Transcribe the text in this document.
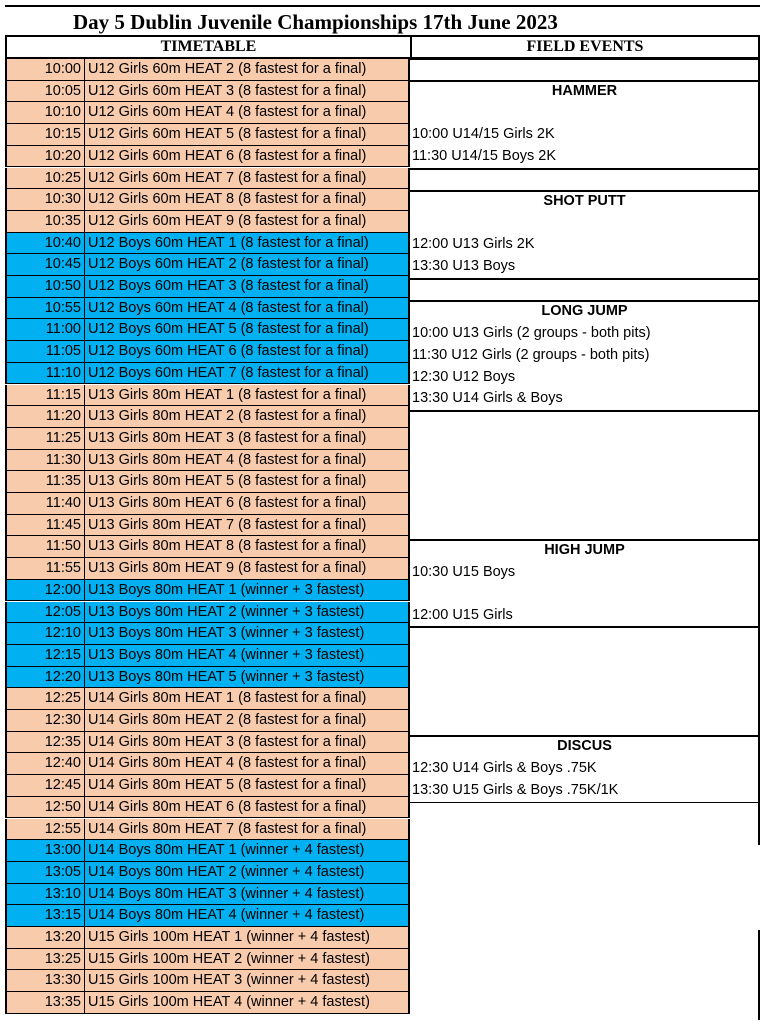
Day 5 Dublin Juvenile Championships 17th June 2023
TIMETABLE	FIELD EVENTS
10:00 U12 Girls 60m HEAT 2 (8 fastest for a final)
10:05 U12 Girls 60m HEAT 3 (8 fastest for a final)
10:10 U12 Girls 60m HEAT 4 (8 fastest for a final)
10:15 U12 Girls 60m HEAT 5 (8 fastest for a final)
10:20 U12 Girls 60m HEAT 6 (8 fastest for a final)
10:25 U12 Girls 60m HEAT 7 (8 fastest for a final)
10:30 U12 Girls 60m HEAT 8 (8 fastest for a final)
10:35 U12 Girls 60m HEAT 9 (8 fastest for a final)
10:40 U12 Boys 60m HEAT 1 (8 fastest for a final)
10:45 U12 Boys 60m HEAT 2 (8 fastest for a final)
10:50 U12 Boys 60m HEAT 3 (8 fastest for a final)
10:55 U12 Boys 60m HEAT 4 (8 fastest for a final)
11:00 U12 Boys 60m HEAT 5 (8 fastest for a final)
11:05 U12 Boys 60m HEAT 6 (8 fastest for a final)
11:10 U12 Boys 60m HEAT 7 (8 fastest for a final)
11:15 U13 Girls 80m HEAT 1 (8 fastest for a final)
11:20 U13 Girls 80m HEAT 2 (8 fastest for a final)
11:25 U13 Girls 80m HEAT 3 (8 fastest for a final)
11:30 U13 Girls 80m HEAT 4 (8 fastest for a final)
11:35 U13 Girls 80m HEAT 5 (8 fastest for a final)
11:40 U13 Girls 80m HEAT 6 (8 fastest for a final)
11:45 U13 Girls 80m HEAT 7 (8 fastest for a final)
11:50 U13 Girls 80m HEAT 8 (8 fastest for a final)
11:55 U13 Girls 80m HEAT 9 (8 fastest for a final)
12:00 U13 Boys 80m HEAT 1 (winner + 3 fastest)
12:05 U13 Boys 80m HEAT 2 (winner + 3 fastest)
12:10 U13 Boys 80m HEAT 3 (winner + 3 fastest)
12:15 U13 Boys 80m HEAT 4 (winner + 3 fastest)
12:20 U13 Boys 80m HEAT 5 (winner + 3 fastest)
12:25 U14 Girls 80m HEAT 1 (8 fastest for a final)
12:30 U14 Girls 80m HEAT 2 (8 fastest for a final)
12:35 U14 Girls 80m HEAT 3 (8 fastest for a final)
12:40 U14 Girls 80m HEAT 4 (8 fastest for a final)
12:45 U14 Girls 80m HEAT 5 (8 fastest for a final)
12:50 U14 Girls 80m HEAT 6 (8 fastest for a final)
12:55 U14 Girls 80m HEAT 7 (8 fastest for a final)
13:00 U14 Boys 80m HEAT 1 (winner + 4 fastest)
13:05 U14 Boys 80m HEAT 2 (winner + 4 fastest)
13:10 U14 Boys 80m HEAT 3 (winner + 4 fastest)
13:15 U14 Boys 80m HEAT 4 (winner + 4 fastest)
13:20 U15 Girls 100m HEAT 1 (winner + 4 fastest)
13:25 U15 Girls 100m HEAT 2 (winner + 4 fastest)
13:30 U15 Girls 100m HEAT 3 (winner + 4 fastest)
13:35 U15 Girls 100m HEAT 4 (winner + 4 fastest)
HAMMER
10:00 U14/15 Girls 2K
11:30 U14/15 Boys 2K
SHOT PUTT
12:00 U13 Girls 2K
13:30 U13 Boys
LONG JUMP
10:00 U13 Girls (2 groups - both pits)
11:30 U12 Girls (2 groups - both pits)
12:30 U12 Boys
13:30 U14 Girls & Boys
HIGH JUMP
10:30 U15 Boys
12:00 U15 Girls
DISCUS
12:30 U14 Girls & Boys .75K
13:30 U15 Girls & Boys .75K/1K
